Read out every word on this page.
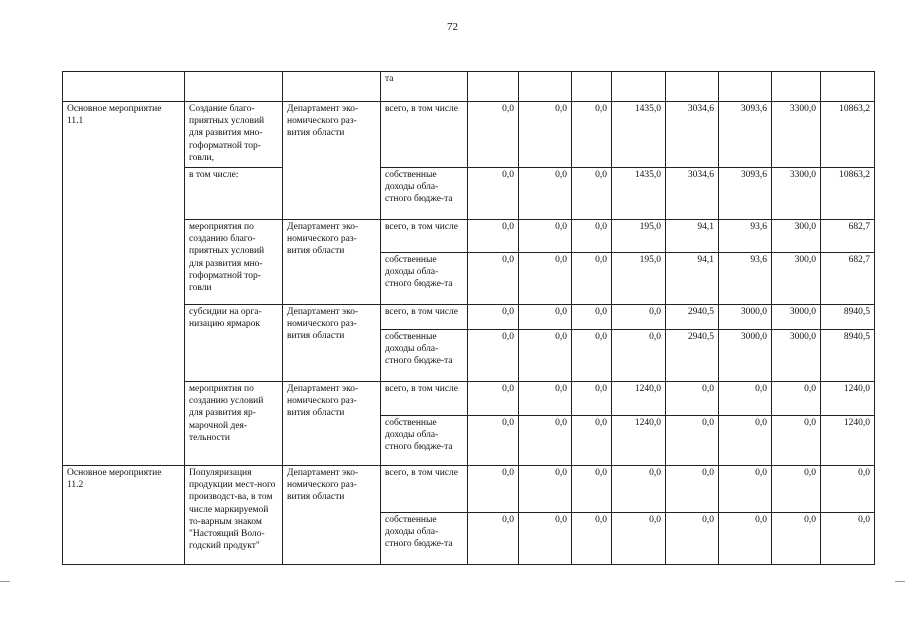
72
			та								
Основное мероприятие 11.1	Создание благо-приятных условий для развития мно-гоформатной тор-говли,	Департамент эко-номического раз-вития области	всего, в том числе	0,0	0,0	0,0	1435,0	3034,6	3093,6	3300,0	10863,2
	в том числе:		собственные доходы обла-стного бюдже-та	0,0	0,0	0,0	1435,0	3034,6	3093,6	3300,0	10863,2
	мероприятия по созданию благо-приятных условий для развития мно-гоформатной тор-говли	Департамент эко-номического раз-вития области	всего, в том числе	0,0	0,0	0,0	195,0	94,1	93,6	300,0	682,7
			собственные доходы обла-стного бюдже-та	0,0	0,0	0,0	195,0	94,1	93,6	300,0	682,7
	субсидии на орга-низацию ярмарок	Департамент эко-номического раз-вития области	всего, в том числе	0,0	0,0	0,0	0,0	2940,5	3000,0	3000,0	8940,5
			собственные доходы обла-стного бюдже-та	0,0	0,0	0,0	0,0	2940,5	3000,0	3000,0	8940,5
	мероприятия по созданию условий для развития яр-марочной дея-тельности	Департамент эко-номического раз-вития области	всего, в том числе	0,0	0,0	0,0	1240,0	0,0	0,0	0,0	1240,0
			собственные доходы обла-стного бюдже-та	0,0	0,0	0,0	1240,0	0,0	0,0	0,0	1240,0
Основное мероприятие 11.2	Популяризация продукции мест-ного производст-ва, в том числе маркируемой то-варным знаком "Настоящий Воло-годский продукт"	Департамент эко-номического раз-вития области	всего, в том числе	0,0	0,0	0,0	0,0	0,0	0,0	0,0	0,0
			собственные доходы обла-стного бюдже-та	0,0	0,0	0,0	0,0	0,0	0,0	0,0	0,0
